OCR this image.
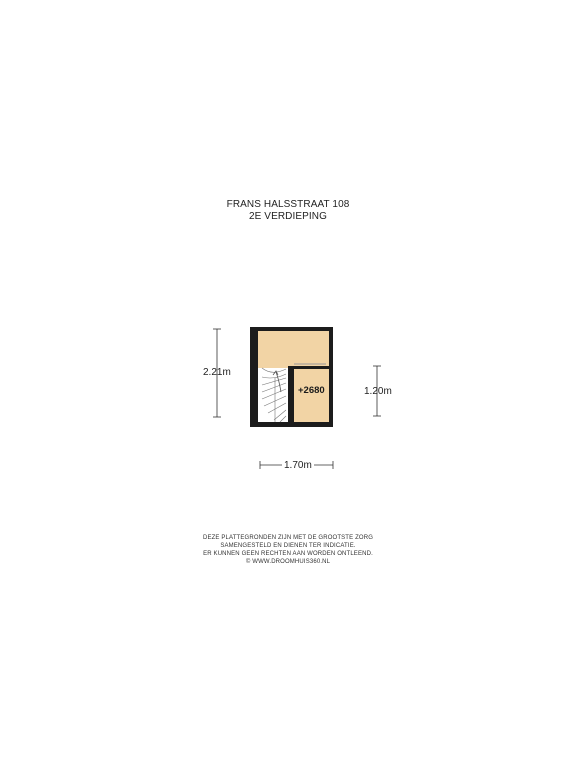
FRANS HALSSTRAAT 108
2E VERDIEPING
2.21m
1.20m
1.70m
+2680
DEZE PLATTEGRONDEN ZIJN MET DE GROOTSTE ZORG
SAMENGESTELD EN DIENEN TER INDICATIE.
ER KUNNEN GEEN RECHTEN AAN WORDEN ONTLEEND.
© WWW.DROOMHUIS360.NL
